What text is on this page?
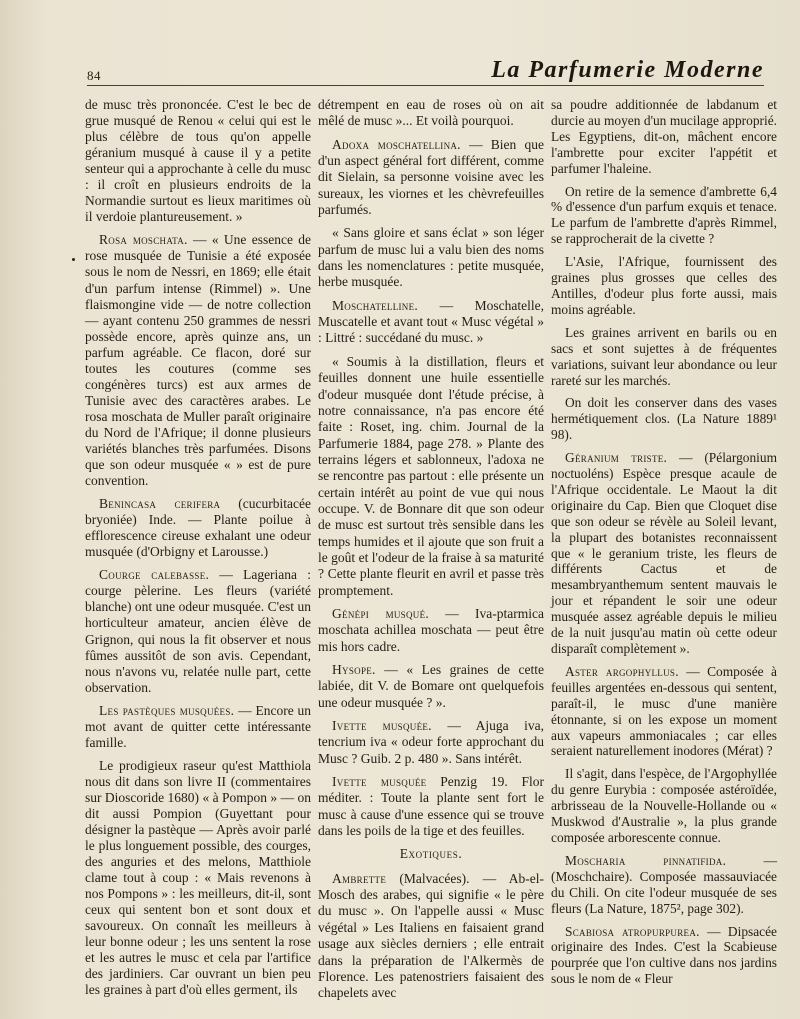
84	La Parfumerie Moderne

de musc très prononcée. C'est le bec de grue musqué de Renou « celui qui est le plus célèbre de tous qu'on appelle géranium musqué à cause il y a petite senteur qui a approchante à celle du musc : il croît en plusieurs endroits de la Normandie surtout es lieux maritimes où il verdoie plantureusement. »

Rosa moschata. — « Une essence de rose musquée de Tunisie a été exposée sous le nom de Nessri, en 1869; elle était d'un parfum intense (Rimmel) ». Une flaismongine vide — de notre collection — ayant contenu 250 grammes de nessri possède encore, après quinze ans, un parfum agréable. Ce flacon, doré sur toutes les coutures (comme ses congénères turcs) est aux armes de Tunisie avec des caractères arabes. Le rosa moschata de Muller paraît originaire du Nord de l'Afrique; il donne plusieurs variétés blanches très parfumées. Disons que son odeur musquée « » est de pure convention.

Benincasa cerifera (cucurbitacée bryoniée) Inde. — Plante poilue à efflorescence cireuse exhalant une odeur musquée (d'Orbigny et Larousse.)

Courge calebasse. — Lageriana : courge pèlerine. Les fleurs (variété blanche) ont une odeur musquée. C'est un horticulteur amateur, ancien élève de Grignon, qui nous la fit observer et nous fûmes aussitôt de son avis. Cependant, nous n'avons vu, relatée nulle part, cette observation.

Les pastèques musquées. — Encore un mot avant de quitter cette intéressante famille.

Le prodigieux raseur qu'est Matthiola nous dit dans son livre II (commentaires sur Dioscoride 1680) « à Pompon » — on dit aussi Pompion (Guyettant pour désigner la pastèque — Après avoir parlé le plus longuement possible, des courges, des anguries et des melons, Matthiole clame tout à coup : « Mais revenons à nos Pompons » : les meilleurs, dit-il, sont ceux qui sentent bon et sont doux et savoureux. On connaît les meilleurs à leur bonne odeur ; les uns sentent la rose et les autres le musc et cela par l'artifice des jardiniers. Car ouvrant un bien peu les graines à part d'où elles germent, ils

détrempent en eau de roses où on ait mêlé de musc »... Et voilà pourquoi.

Adoxa moschatellina. — Bien que d'un aspect général fort différent, comme dit Sielain, sa personne voisine avec les sureaux, les viornes et les chèvrefeuilles parfumés.

« Sans gloire et sans éclat » son léger parfum de musc lui a valu bien des noms dans les nomenclatures : petite musquée, herbe musquée.

Moschatelline. — Moschatelle, Muscatelle et avant tout « Musc végétal » : Littré : succédané du musc. »

« Soumis à la distillation, fleurs et feuilles donnent une huile essentielle d'odeur musquée dont l'étude précise, à notre connaissance, n'a pas encore été faite : Roset, ing. chim. Journal de la Parfumerie 1884, page 278. » Plante des terrains légers et sablonneux, l'adoxa ne se rencontre pas partout : elle présente un certain intérêt au point de vue qui nous occupe. V. de Bonnare dit que son odeur de musc est surtout très sensible dans les temps humides et il ajoute que son fruit a le goût et l'odeur de la fraise à sa maturité ? Cette plante fleurit en avril et passe très promptement.

Génépi musqué. — Iva-ptarmica moschata achillea moschata — peut être mis hors cadre.

Hysope. — « Les graines de cette labiée, dit V. de Bomare ont quelquefois une odeur musquée ? ».

Ivette musquée. — Ajuga iva, tencrium iva « odeur forte approchant du Musc ? Guib. 2 p. 480 ». Sans intérêt.

Ivette musquée Penzig 19. Flor méditer. : Toute la plante sent fort le musc à cause d'une essence qui se trouve dans les poils de la tige et des feuilles.

Exotiques.

Ambrette (Malvacées). — Ab-el-Mosch des arabes, qui signifie « le père du musc ». On l'appelle aussi « Musc végétal » Les Italiens en faisaient grand usage aux siècles derniers ; elle entrait dans la préparation de l'Alkermès de Florence. Les patenostriers faisaient des chapelets avec

sa poudre additionnée de labdanum et durcie au moyen d'un mucilage approprié. Les Egyptiens, dit-on, mâchent encore l'ambrette pour exciter l'appétit et parfumer l'haleine.

On retire de la semence d'ambrette 6,4 % d'essence d'un parfum exquis et tenace. Le parfum de l'ambrette d'après Rimmel, se rapprocherait de la civette ?

L'Asie, l'Afrique, fournissent des graines plus grosses que celles des Antilles, d'odeur plus forte aussi, mais moins agréable.

Les graines arrivent en barils ou en sacs et sont sujettes à de fréquentes variations, suivant leur abondance ou leur rareté sur les marchés.

On doit les conserver dans des vases hermétiquement clos. (La Nature 1889¹ 98).

Géranium triste. — (Pélargonium noctuoléns) Espèce presque acaule de l'Afrique occidentale. Le Maout la dit originaire du Cap. Bien que Cloquet dise que son odeur se révèle au Soleil levant, la plupart des botanistes reconnaissent que « le geranium triste, les fleurs de différents Cactus et de mesambryanthemum sentent mauvais le jour et répandent le soir une odeur musquée assez agréable depuis le milieu de la nuit jusqu'au matin où cette odeur disparaît complètement ».

Aster argophyllus. — Composée à feuilles argentées en-dessous qui sentent, paraît-il, le musc d'une manière étonnante, si on les expose un moment aux vapeurs ammoniacales ; car elles seraient naturellement inodores (Mérat) ?

Il s'agit, dans l'espèce, de l'Argophyllée du genre Eurybia : composée astéroïdée, arbrisseau de la Nouvelle-Hollande ou « Muskwod d'Australie », la plus grande composée arborescente connue.

Moscharia pinnatifida. — (Moschchaire). Composée massauviacée du Chili. On cite l'odeur musquée de ses fleurs (La Nature, 1875², page 302).

Scabiosa atropurpurea. — Dipsacée originaire des Indes. C'est la Scabieuse pourprée que l'on cultive dans nos jardins sous le nom de « Fleur
